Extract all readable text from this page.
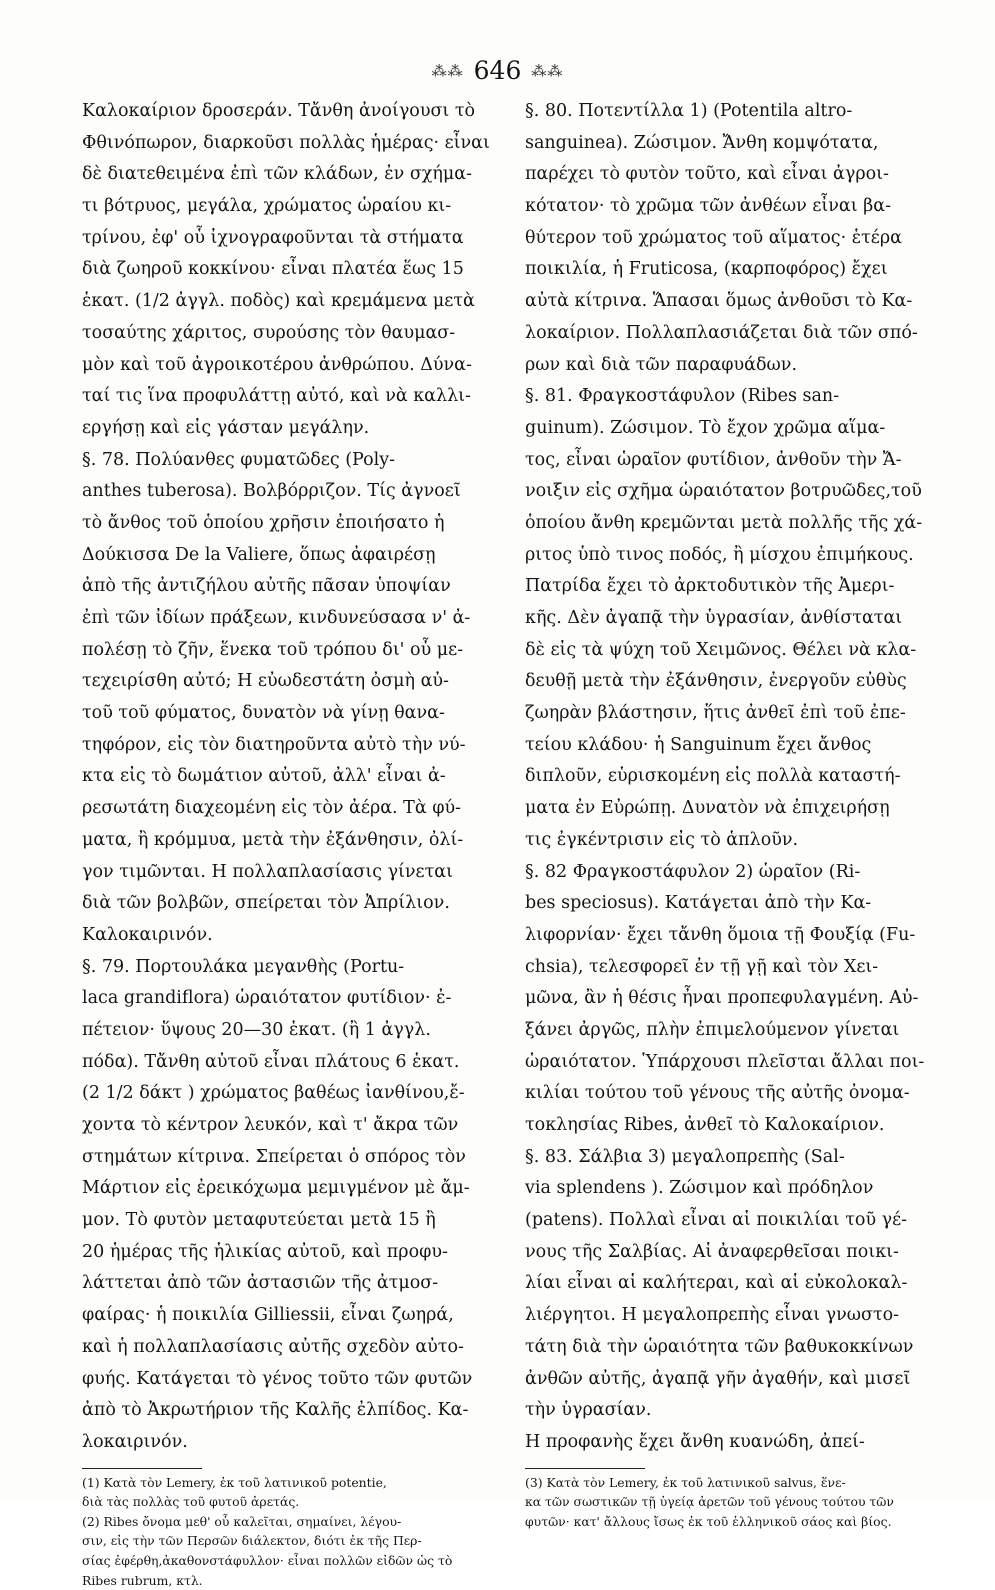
⁂⁂ 646 ⁂⁂
Καλοκαίριον δροσεράν. Τἄνθη ἀνοίγουσι τὸ
Φθινόπωρον, διαρκοῦσι πολλὰς ἡμέρας· εἶναι
δὲ διατεθειμένα ἐπὶ τῶν κλάδων, ἐν σχήμα-
τι βότρυος, μεγάλα, χρώματος ὡραίου κι-
τρίνου, ἐφ' οὗ ἰχνογραφοῦνται τὰ στήματα
διὰ ζωηροῦ κοκκίνου· εἶναι πλατέα ἕως 15
ἑκατ. (1/2 ἀγγλ. ποδὸς) καὶ κρεμάμενα μετὰ
τοσαύτης χάριτος, συρούσης τὸν θαυμασ-
μὸν καὶ τοῦ ἀγροικοτέρου ἀνθρώπου. Δύνα-
ταί τις ἵνα προφυλάττῃ αὐτό, καὶ νὰ καλλι-
εργήσῃ καὶ εἰς γάσταν μεγάλην.
§. 78. Πολύανθες φυματῶδες (Poly-
anthes tuberosa). Βολβόρριζον. Τίς ἀγνοεῖ
τὸ ἄνθος τοῦ ὁποίου χρῆσιν ἐποιήσατο ἡ
Δούκισσα De la Valiere, ὅπως ἀφαιρέσῃ
ἀπὸ τῆς ἀντιζήλου αὐτῆς πᾶσαν ὑποψίαν
ἐπὶ τῶν ἰδίων πράξεων, κινδυνεύσασα ν' ἀ-
πολέσῃ τὸ ζῆν, ἕνεκα τοῦ τρόπου δι' οὗ με-
τεχειρίσθη αὐτό; Η εὐωδεστάτη ὀσμὴ αὐ-
τοῦ τοῦ φύματος, δυνατὸν νὰ γίνῃ θανα-
τηφόρον, εἰς τὸν διατηροῦντα αὐτὸ τὴν νύ-
κτα εἰς τὸ δωμάτιον αὐτοῦ, ἀλλ' εἶναι ἀ-
ρεσωτάτη διαχεομένη εἰς τὸν ἀέρα. Τὰ φύ-
ματα, ἢ κρόμμυα, μετὰ τὴν ἐξάνθησιν, ὀλί-
γον τιμῶνται. Η πολλαπλασίασις γίνεται
διὰ τῶν βολβῶν, σπείρεται τὸν Ἀπρίλιον.
Καλοκαιρινόν.
§. 79. Πορτουλάκα μεγανθὴς (Portu-
laca grandiflora) ὡραιότατον φυτίδιον· ἐ-
πέτειον· ὕψους 20—30 ἑκατ. (ἢ 1 ἀγγλ.
πόδα). Τἄνθη αὐτοῦ εἶναι πλάτους 6 ἑκατ.
(2 1/2 δάκτ ) χρώματος βαθέως ἰανθίνου,ἔ-
χοντα τὸ κέντρον λευκόν, καὶ τ' ἄκρα τῶν
στημάτων κίτρινα. Σπείρεται ὁ σπόρος τὸν
Μάρτιον εἰς ἐρεικόχωμα μεμιγμένον μὲ ἄμ-
μον. Τὸ φυτὸν μεταφυτεύεται μετὰ 15 ἢ
20 ἡμέρας τῆς ἡλικίας αὐτοῦ, καὶ προφυ-
λάττεται ἀπὸ τῶν ἀστασιῶν τῆς ἀτμοσ-
φαίρας· ἡ ποικιλία Gilliessii, εἶναι ζωηρά,
καὶ ἡ πολλαπλασίασις αὐτῆς σχεδὸν αὐτο-
φυής. Κατάγεται τὸ γένος τοῦτο τῶν φυτῶν
ἀπὸ τὸ Ἀκρωτήριον τῆς Καλῆς ἐλπίδος. Κα-
λοκαιρινόν.
(1) Κατὰ τὸν Lemery, ἐκ τοῦ λατινικοῦ potentie,
διὰ τὰς πολλὰς τοῦ φυτοῦ ἀρετάς.
(2) Ribes ὄνομα μεθ' οὗ καλεῖται, σημαίνει, λέγου-
σιν, εἰς τὴν τῶν Περσῶν διάλεκτον, διότι ἐκ τῆς Περ-
σίας ἐφέρθη,ἀκαθονστάφυλλον· εἶναι πολλῶν εἰδῶν ὡς τὸ
Ribes rubrum, κτλ.
§. 80. Ποτεντίλλα 1) (Potentila altro-
sanguinea). Ζώσιμον. Ἄνθη κομψότατα,
παρέχει τὸ φυτὸν τοῦτο, καὶ εἶναι ἀγροι-
κότατον· τὸ χρῶμα τῶν ἀνθέων εἶναι βα-
θύτερον τοῦ χρώματος τοῦ αἵματος· ἑτέρα
ποικιλία, ἡ Fruticosa, (καρποφόρος) ἔχει
αὐτὰ κίτρινα. Ἅπασαι ὅμως ἀνθοῦσι τὸ Κα-
λοκαίριον. Πολλαπλασιάζεται διὰ τῶν σπό-
ρων καὶ διὰ τῶν παραφυάδων.
§. 81. Φραγκοστάφυλον (Ribes san-
guinum). Ζώσιμον. Τὸ ἔχον χρῶμα αἵμα-
τος, εἶναι ὡραῖον φυτίδιον, ἀνθοῦν τὴν Ἄ-
νοιξιν εἰς σχῆμα ὡραιότατον βοτρυῶδες,τοῦ
ὁποίου ἄνθη κρεμῶνται μετὰ πολλῆς τῆς χά-
ριτος ὑπὸ τινος ποδός, ἢ μίσχου ἐπιμήκους.
Πατρίδα ἔχει τὸ ἀρκτοδυτικὸν τῆς Ἀμερι-
κῆς. Δὲν ἀγαπᾷ τὴν ὑγρασίαν, ἀνθίσταται
δὲ εἰς τὰ ψύχη τοῦ Χειμῶνος. Θέλει νὰ κλα-
δευθῇ μετὰ τὴν ἐξάνθησιν, ἐνεργοῦν εὐθὺς
ζωηρὰν βλάστησιν, ἥτις ἀνθεῖ ἐπὶ τοῦ ἐπε-
τείου κλάδου· ἡ Sanguinum ἔχει ἄνθος
διπλοῦν, εὑρισκομένη εἰς πολλὰ καταστή-
ματα ἐν Εὐρώπῃ. Δυνατὸν νὰ ἐπιχειρήσῃ
τις ἐγκέντρισιν εἰς τὸ ἁπλοῦν.
§. 82 Φραγκοστάφυλον 2) ὡραῖον (Ri-
bes speciosus). Κατάγεται ἀπὸ τὴν Κα-
λιφορνίαν· ἔχει τἄνθη ὅμοια τῇ Φουξίᾳ (Fu-
chsia), τελεσφορεῖ ἐν τῇ γῇ καὶ τὸν Χει-
μῶνα, ἂν ἡ θέσις ἦναι προπεφυλαγμένη. Αὐ-
ξάνει ἀργῶς, πλὴν ἐπιμελούμενον γίνεται
ὡραιότατον. Ὑπάρχουσι πλεῖσται ἄλλαι ποι-
κιλίαι τούτου τοῦ γένους τῆς αὐτῆς ὀνομα-
τοκλησίας Ribes, ἀνθεῖ τὸ Καλοκαίριον.
§. 83. Σάλβια 3) μεγαλοπρεπὴς (Sal-
via splendens ). Ζώσιμον καὶ πρόδηλον
(patens). Πολλαὶ εἶναι αἱ ποικιλίαι τοῦ γέ-
νους τῆς Σαλβίας. Αἱ ἀναφερθεῖσαι ποικι-
λίαι εἶναι αἱ καλήτεραι, καὶ αἱ εὐκολοκαλ-
λιέργητοι. Η μεγαλοπρεπὴς εἶναι γνωστο-
τάτη διὰ τὴν ὡραιότητα τῶν βαθυκοκκίνων
ἀνθῶν αὐτῆς, ἀγαπᾷ γῆν ἀγαθήν, καὶ μισεῖ
τὴν ὑγρασίαν.
Η προφανὴς ἔχει ἄνθη κυανώδη, ἀπεί-
(3) Κατὰ τὸν Lemery, ἐκ τοῦ λατινικοῦ salvus, ἕνε-
κα τῶν σωστικῶν τῇ ὑγείᾳ ἀρετῶν τοῦ γένους τούτου τῶν
φυτῶν· κατ' ἄλλους ἴσως ἐκ τοῦ ἑλληνικοῦ σάος καὶ βίος.
